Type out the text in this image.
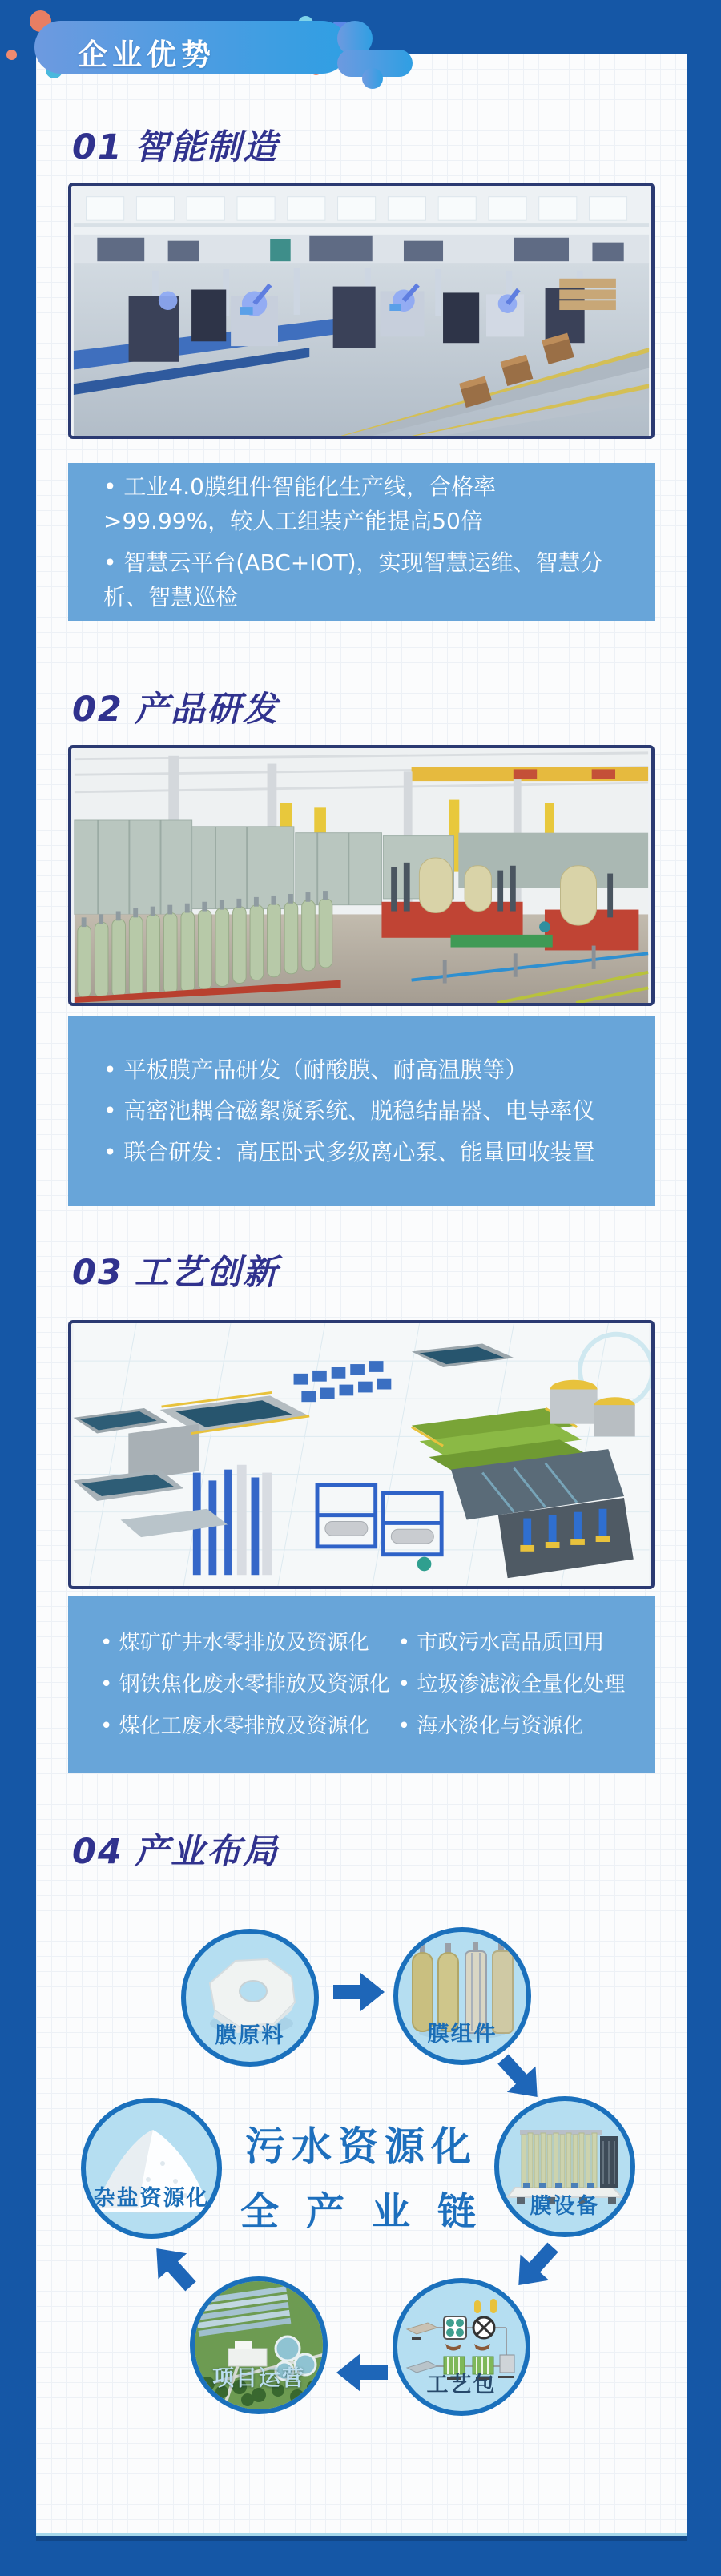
企业优势
01 智能制造

• 工业4.0膜组件智能化生产线，合格率>99.99%，较人工组装产能提高50倍

• 智慧云平台(ABC+IOT)，实现智慧运维、智慧分析、智慧巡检

02 产品研发

• 平板膜产品研发（耐酸膜、耐高温膜等）

• 高密池耦合磁絮凝系统、脱稳结晶器、电导率仪

• 联合研发：高压卧式多级离心泵、能量回收装置

03 工艺创新

• 煤矿矿井水零排放及资源化

• 钢铁焦化废水零排放及资源化

• 煤化工废水零排放及资源化

• 市政污水高品质回用

• 垃圾渗滤液全量化处理

• 海水淡化与资源化

04 产业布局
污水资源化
全产业链
膜原料	膜组件
膜设备
杂盐资源化
工艺包
项目运营
